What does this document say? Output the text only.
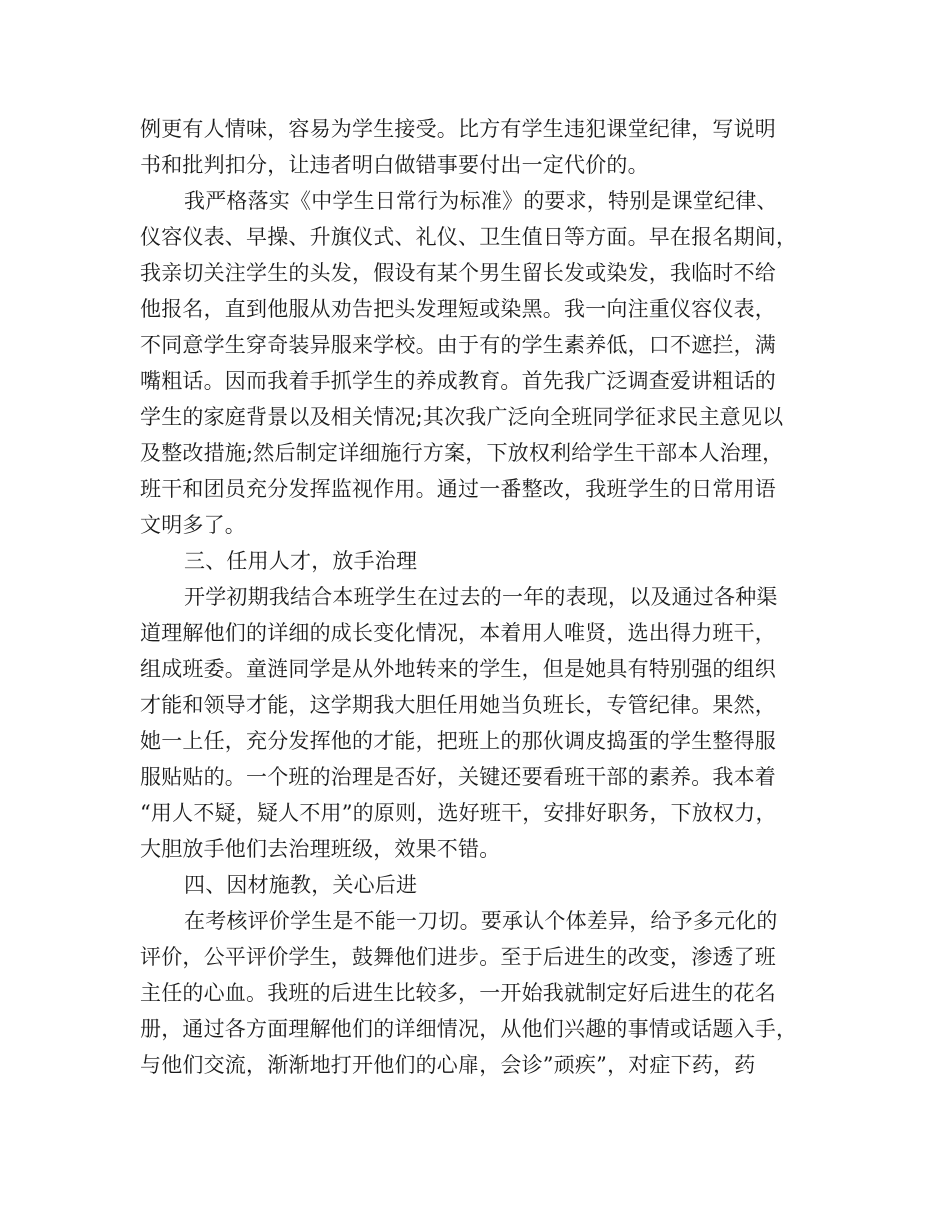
例更有人情味，容易为学生接受。比方有学生违犯课堂纪律，写说明
书和批判扣分，让违者明白做错事要付出一定代价的。
我严格落实《中学生日常行为标准》的要求，特别是课堂纪律、
仪容仪表、早操、升旗仪式、礼仪、卫生值日等方面。早在报名期间，
我亲切关注学生的头发，假设有某个男生留长发或染发，我临时不给
他报名，直到他服从劝告把头发理短或染黑。我一向注重仪容仪表，
不同意学生穿奇装异服来学校。由于有的学生素养低，口不遮拦，满
嘴粗话。因而我着手抓学生的养成教育。首先我广泛调查爱讲粗话的
学生的家庭背景以及相关情况;其次我广泛向全班同学征求民主意见以
及整改措施;然后制定详细施行方案，下放权利给学生干部本人治理，
班干和团员充分发挥监视作用。通过一番整改，我班学生的日常用语
文明多了。
三、任用人才，放手治理
开学初期我结合本班学生在过去的一年的表现，以及通过各种渠
道理解他们的详细的成长变化情况，本着用人唯贤，选出得力班干，
组成班委。童涟同学是从外地转来的学生，但是她具有特别强的组织
才能和领导才能，这学期我大胆任用她当负班长，专管纪律。果然，
她一上任，充分发挥他的才能，把班上的那伙调皮捣蛋的学生整得服
服贴贴的。一个班的治理是否好，关键还要看班干部的素养。我本着
“用人不疑，疑人不用”的原则，选好班干，安排好职务，下放权力，
大胆放手他们去治理班级，效果不错。
四、因材施教，关心后进
在考核评价学生是不能一刀切。要承认个体差异，给予多元化的
评价，公平评价学生，鼓舞他们进步。至于后进生的改变，渗透了班
主任的心血。我班的后进生比较多，一开始我就制定好后进生的花名
册，通过各方面理解他们的详细情况，从他们兴趣的事情或话题入手，
与他们交流，渐渐地打开他们的心扉，会诊”顽疾”，对症下药，药
